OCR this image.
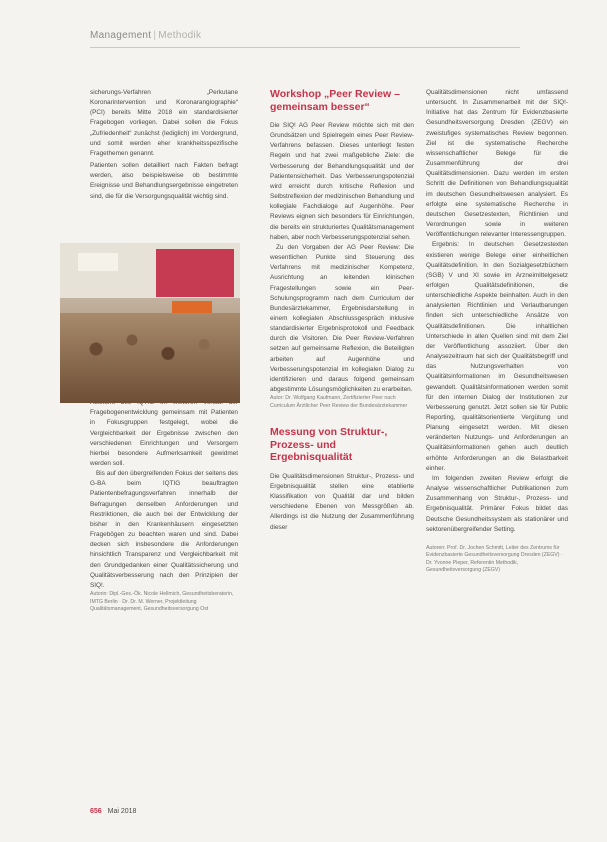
Management | Methodik

sicherungs-Verfahren „Perkutane Koronarintervention und Koronarangiographie“ (PCI) bereits Mitte 2018 ein standardisierter Fragebogen vorliegen. Dabei sollen die Fokus „Zufriedenheit“ zunächst (lediglich) im Vordergrund, und somit werden eher krankheitsspezifische Fragethemen genannt.

Patienten sollen detailliert nach Fakten befragt werden, also beispielsweise ob bestimmte Ereignisse und Behandlungsergebnisse eingetreten sind, die für die Versorgungsqualität wichtig sind.

Fragebogenentwicklung gemeinsam mit Patienten in Fokusgruppen festgelegt, wobei die Vergleichbarkeit der Ergebnisse zwischen den verschiedenen Einrichtungen und Versorgern hierbei besondere Aufmerksamkeit gewidmet werden soll.

Bis auf den übergreifenden Fokus der seitens des G-BA beim IQTIG beauftragten Patientenbefragungsverfahren innerhalb der Befragungen denselben Anforderungen und Restriktionen, die auch bei der Entwicklung der bisher in den Krankenhäusern eingesetzten Fragebögen zu beachten waren und sind. Dabei decken sich insbesondere die Anforderungen hinsichtlich Transparenz und Vergleichbarkeit mit den Grundgedanken einer Qualitätssicherung und Qualitätsverbesserung nach den Prinzipien der SIQ!.

Autorin: Dipl.-Ges.-Ök. Nicole Hellmich, Gesundheitsberaterin, IMTG Berlin · Dr. Dr. M. Werner, Projektleitung Qualitätsmanagement, Gesundheitsversorgung Ost

Workshop „Peer Review – gemeinsam besser“

Die SIQ! AG Peer Review möchte sich mit den Grundsätzen und Spielregeln eines Peer Review-Verfahrens befassen. Dieses unterliegt festen Regeln und hat zwei maßgebliche Ziele: die Verbesserung der Behandlungsqualität und der Patientensicherheit. Das Verbesserungspotenzial wird erreicht durch kritische Reflexion und Selbstreflexion der medizinischen Behandlung und kollegiale Fachdialoge auf Augenhöhe. Peer Reviews eignen sich besonders für Einrichtungen, die bereits ein strukturiertes Qualitätsmanagement haben, aber noch Verbesserungspotenzial sehen.

Zu den Vorgaben der AG Peer Review: Die wesentlichen Punkte sind Steuerung des Verfahrens mit medizinischer Kompetenz, Ausrichtung an leitenden klinischen Fragestellungen sowie ein Peer-Schulungsprogramm nach dem Curriculum der Bundesärztekammer, Ergebnisdarstellung in einem kollegialen Abschlussgespräch inklusive standardisierter Ergebnisprotokoll und Feedback durch die Visitoren. Die Peer Review-Verfahren setzen auf gemeinsame Reflexion, die Beteiligten arbeiten auf Augenhöhe und Verbesserungspotenzial im kollegialen Dialog zu identifizieren und daraus folgend gemeinsam abgestimmte Lösungsmöglichkeiten zu erarbeiten.

Autor: Dr. Wolfgang Kaufmann, Zertifizierter Peer nach Curriculum Ärztlicher Peer Review der Bundesärztekammer

Messung von Struktur-, Prozess- und Ergebnisqualität

Die Qualitätsdimensionen Struktur-, Prozess- und Ergebnisqualität stellen eine etablierte Klassifikation von Qualität dar und bilden verschiedene Ebenen von Messgrößen ab. Allerdings ist die Nutzung der Zusammenführung dieser

Qualitätsdimensionen nicht umfassend untersucht. In Zusammenarbeit mit der SIQ!-Initiative hat das Zentrum für Evidenzbasierte Gesundheitsversorgung Dresden (ZEGV) ein zweistufiges systematisches Review begonnen. Ziel ist die systematische Recherche wissenschaftlicher Belege für die Zusammenführung der drei Qualitätsdimensionen. Dazu werden im ersten Schritt die Definitionen von Behandlungsqualität im deutschen Gesundheitswesen analysiert. Es erfolgte eine systematische Recherche in deutschen Gesetzestexten, Richtlinien und Verordnungen sowie in weiteren Veröffentlichungen relevanter Interessengruppen.

Ergebnis: In deutschen Gesetzestexten existieren wenige Belege einer einheitlichen Qualitätsdefinition. In den Sozialgesetzbüchern (SGB) V und XI sowie im Arzneimittelgesetz erfolgen Qualitätsdefinitionen, die unterschiedliche Aspekte beinhalten. Auch in den analysierten Richtlinien und Verlautbarungen finden sich unterschiedliche Ansätze von Qualitätsdefinitionen. Die inhaltlichen Unterschiede in allen Quellen sind mit dem Ziel der Veröffentlichung assoziiert. Über den Analysezeitraum hat sich der Qualitätsbegriff und das Nutzungsverhalten von Qualitätsinformationen im Gesundheitswesen gewandelt. Qualitätsinformationen werden somit für den internen Dialog der Institutionen zur Verbesserung genutzt. Jetzt sollen sie für Public Reporting, qualitätsorientierte Vergütung und Planung eingesetzt werden. Mit diesen veränderten Nutzungs- und Anforderungen an Qualitätsinformationen gehen auch deutlich erhöhte Anforderungen an die Belastbarkeit einher.

Im folgenden zweiten Review erfolgt die Analyse wissenschaftlicher Publikationen zum Zusammenhang von Struktur-, Prozess- und Ergebnisqualität. Primärer Fokus bildet das Deutsche Gesundheitssystem als stationärer und sektorenübergreifender Setting.

Autoren: Prof. Dr. Jochen Schmitt, Leiter des Zentrums für Evidenzbasierte Gesundheitsversorgung Dresden (ZEGV) · Dr. Yvonne Pieper, Referentin Methodik, Gesundheitsversorgung (ZEGV)

656 Mai 2018
